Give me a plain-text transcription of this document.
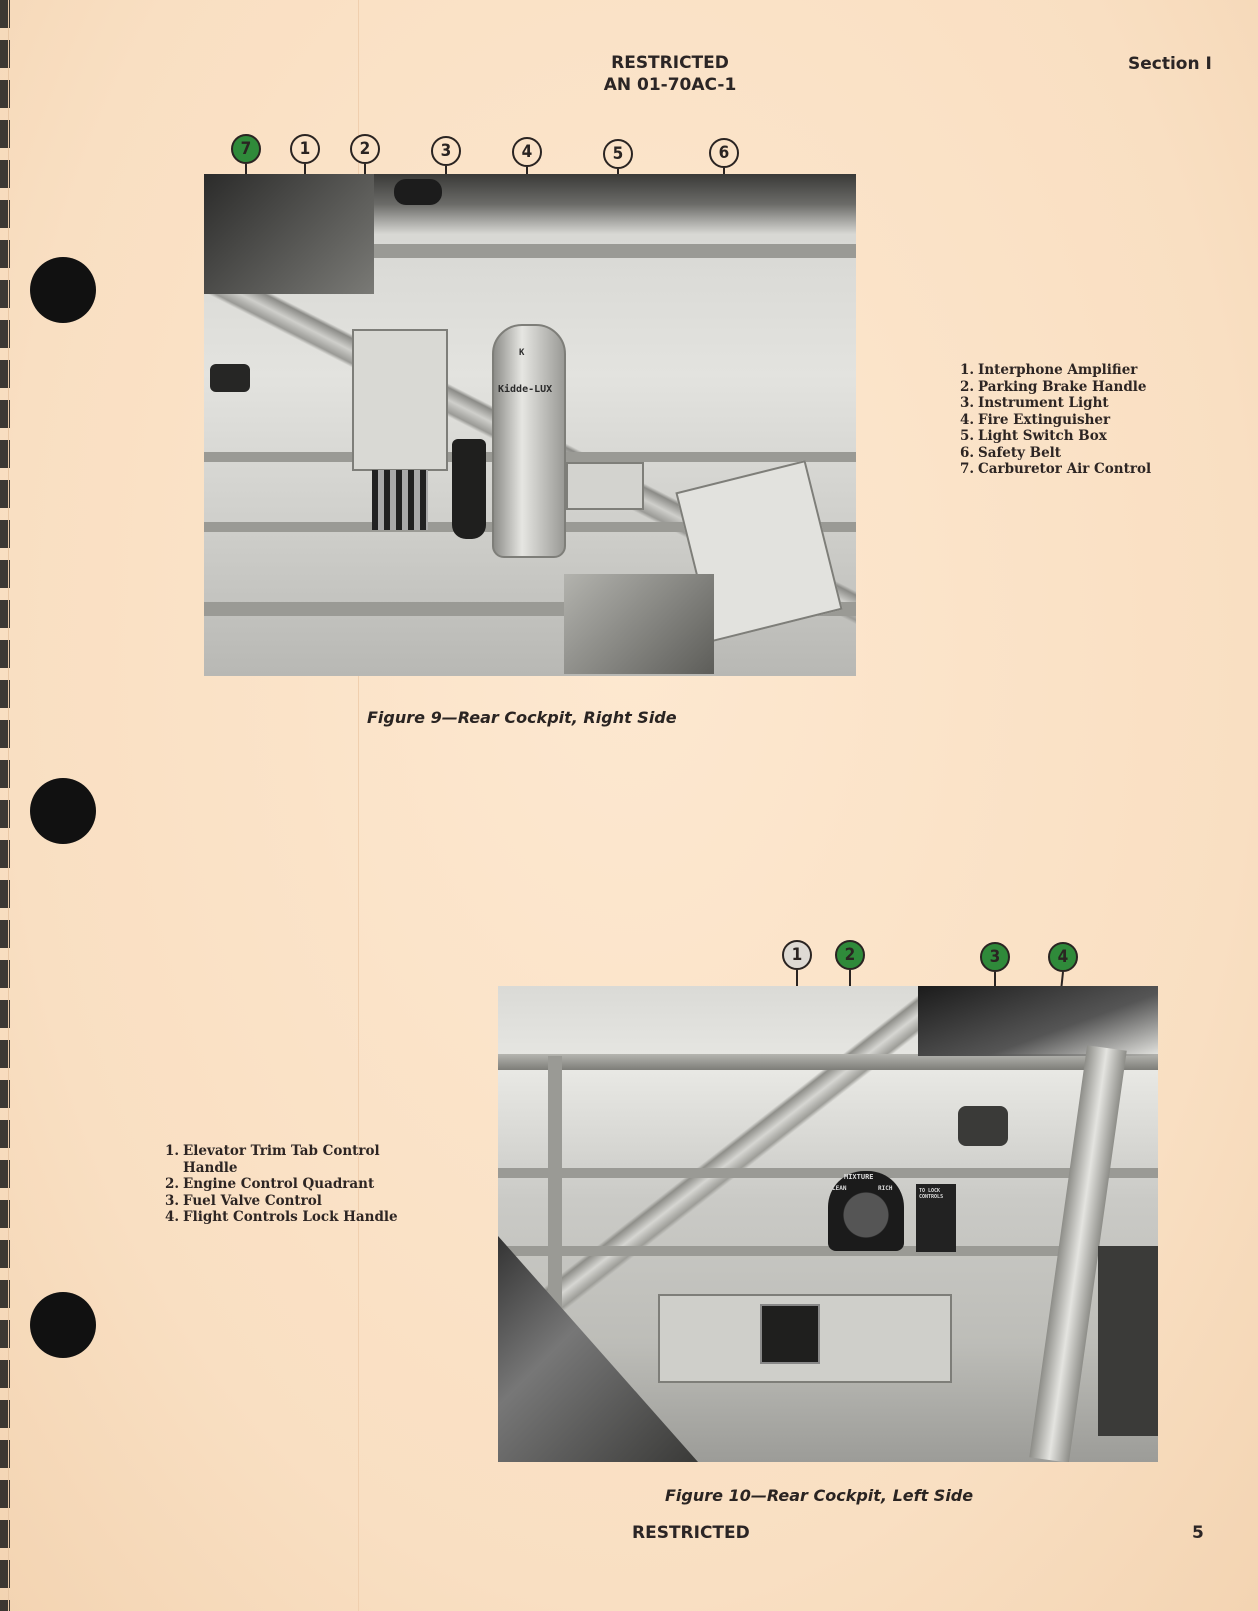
RESTRICTED
AN 01-70AC-1
Section I
7	1	2	3	4	5	6
K
Kidde-LUX
1. Interphone Amplifier
2. Parking Brake Handle
3. Instrument Light
4. Fire Extinguisher
5. Light Switch Box
6. Safety Belt
7. Carburetor Air Control
Figure 9—Rear Cockpit, Right Side
1	2	3	4
MIXTURE
LEAN	RICH	TO LOCK CONTROLS
1. Elevator Trim Tab Control Handle
2. Engine Control Quadrant
3. Fuel Valve Control
4. Flight Controls Lock Handle
Figure 10—Rear Cockpit, Left Side
RESTRICTED	5
